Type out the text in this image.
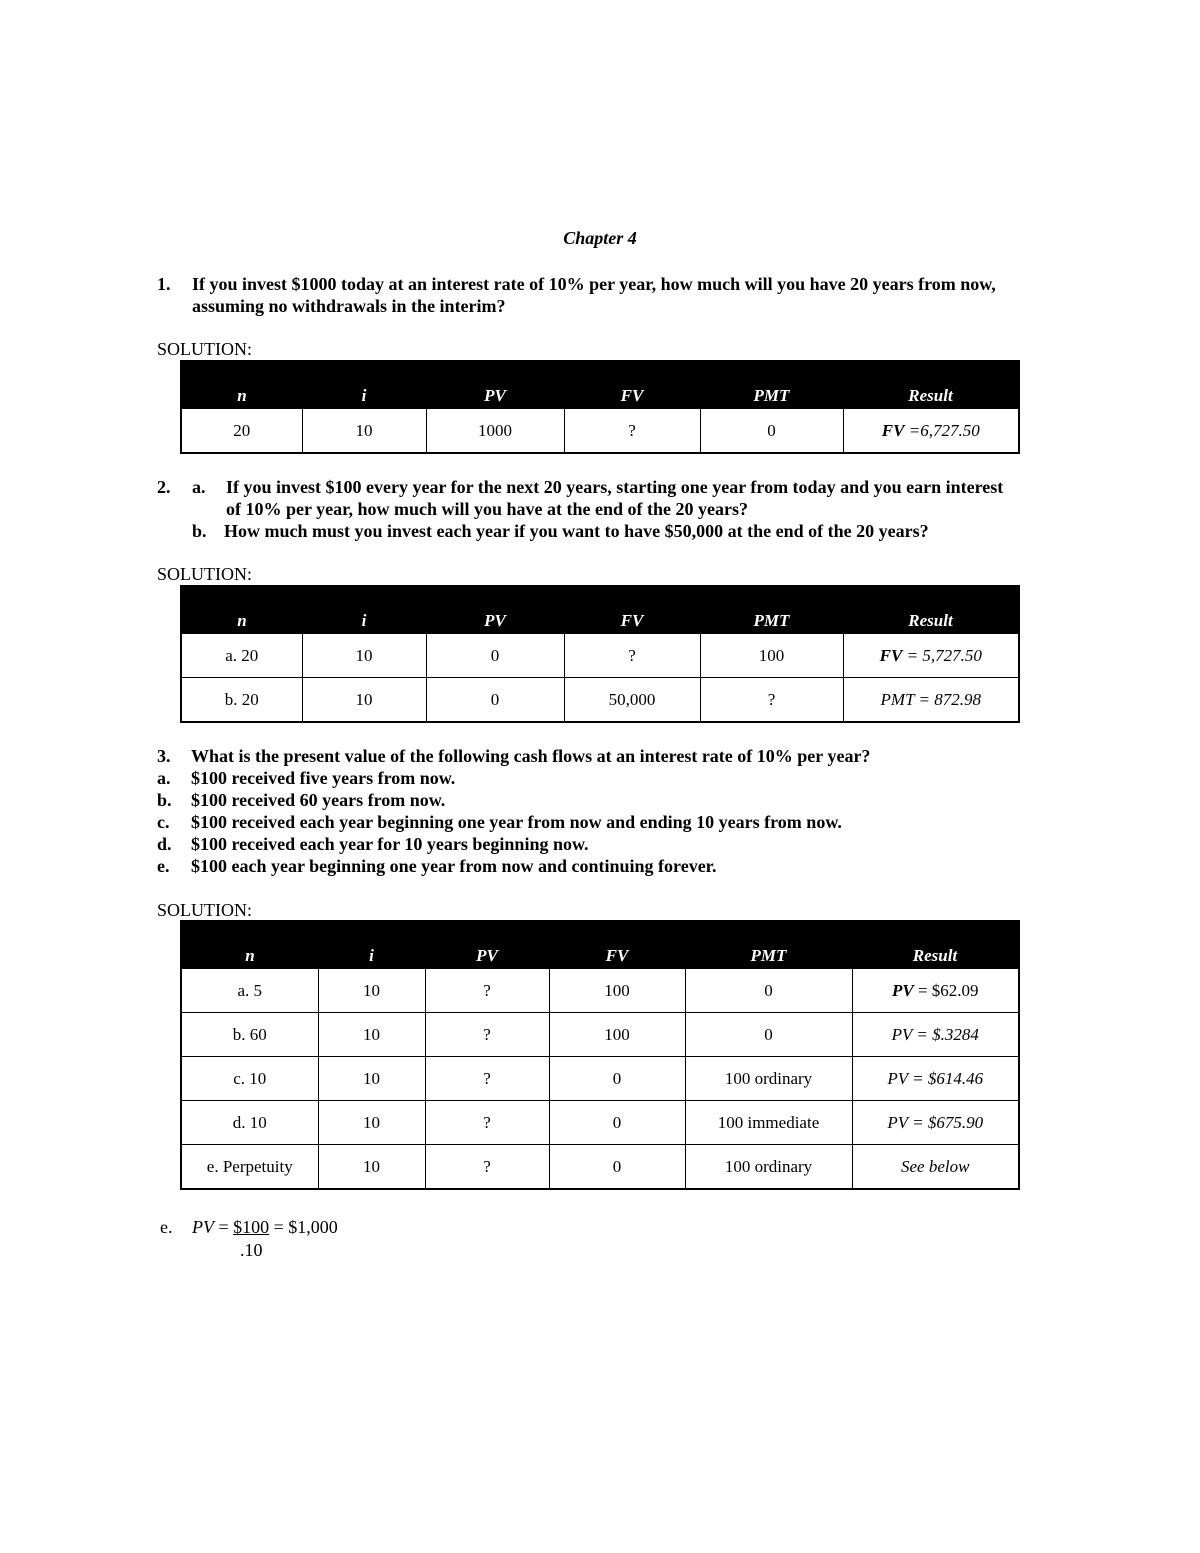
Chapter 4
1. If you invest $1000 today at an interest rate of 10% per year, how much will you have 20 years from now,
assuming no withdrawals in the interim?
SOLUTION:
n	i	PV	FV	PMT	Result
20	10	1000	?	0	FV =6,727.50
2. a. If you invest $100 every year for the next 20 years, starting one year from today and you earn interest
of 10% per year, how much will you have at the end of the 20 years?
b. How much must you invest each year if you want to have $50,000 at the end of the 20 years?
SOLUTION:
n	i	PV	FV	PMT	Result
a. 20	10	0	?	100	FV = 5,727.50
b. 20	10	0	50,000	?	PMT = 872.98
3.	What is the present value of the following cash flows at an interest rate of 10% per year?
a.	$100 received five years from now.
b.	$100 received 60 years from now.
c.	$100 received each year beginning one year from now and ending 10 years from now.
d.	$100 received each year for 10 years beginning now.
e.	$100 each year beginning one year from now and continuing forever.
SOLUTION:
n	i	PV	FV	PMT	Result
a. 5	10	?	100	0	PV = $62.09
b. 60	10	?	100	0	PV = $.3284
c. 10	10	?	0	100 ordinary	PV = $614.46
d. 10	10	?	0	100 immediate	PV = $675.90
e. Perpetuity	10	?	0	100 ordinary	See below
e. PV = $100 = $1,000
.10
